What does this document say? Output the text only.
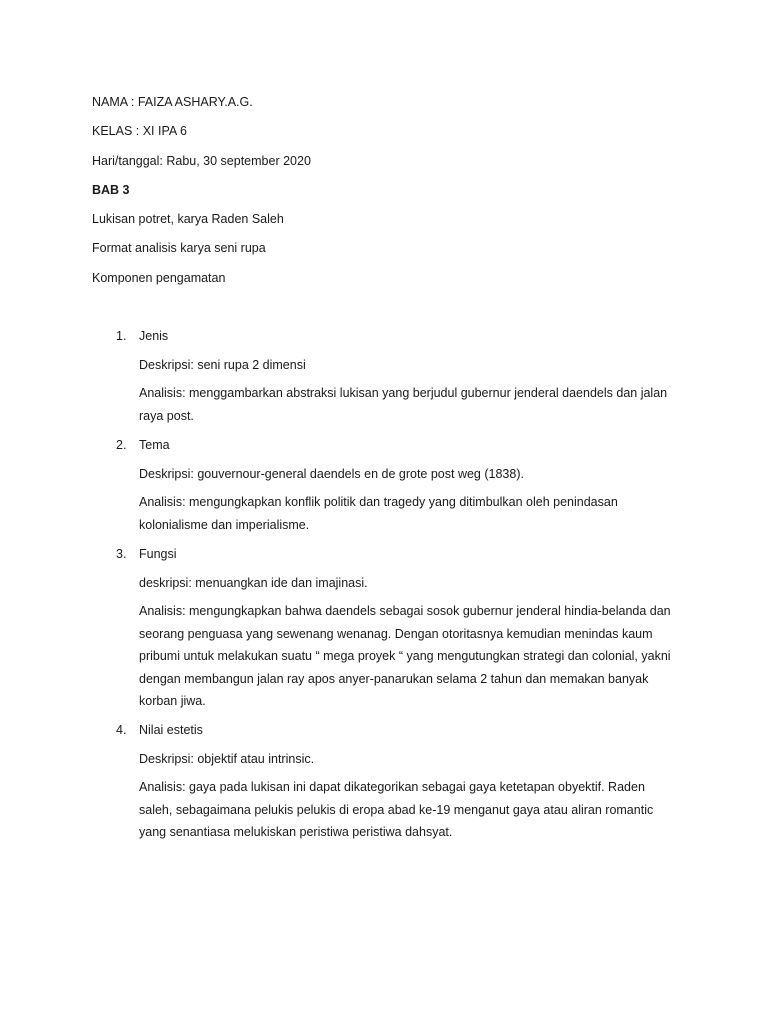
NAMA : FAIZA ASHARY.A.G.
KELAS : XI IPA 6
Hari/tanggal: Rabu, 30 september 2020
BAB 3
Lukisan potret, karya Raden Saleh
Format analisis karya seni rupa
Komponen pengamatan
1. Jenis
Deskripsi: seni rupa 2 dimensi
Analisis: menggambarkan abstraksi lukisan yang berjudul gubernur jenderal daendels dan jalan raya post.
2. Tema
Deskripsi: gouvernour-general daendels en de grote post weg (1838).
Analisis: mengungkapkan konflik politik dan tragedy yang ditimbulkan oleh penindasan kolonialisme dan imperialisme.
3. Fungsi
deskripsi: menuangkan ide dan imajinasi.
Analisis: mengungkapkan bahwa daendels sebagai sosok gubernur jenderal hindia-belanda dan seorang penguasa yang sewenang wenanag. Dengan otoritasnya kemudian menindas kaum pribumi untuk melakukan suatu “ mega proyek “ yang mengutungkan strategi dan colonial, yakni dengan membangun jalan ray apos anyer-panarukan selama 2 tahun dan memakan banyak korban jiwa.
4. Nilai estetis
Deskripsi: objektif atau intrinsic.
Analisis: gaya pada lukisan ini dapat dikategorikan sebagai gaya ketetapan obyektif. Raden saleh, sebagaimana pelukis pelukis di eropa abad ke-19 menganut gaya atau aliran romantic yang senantiasa melukiskan peristiwa peristiwa dahsyat.
